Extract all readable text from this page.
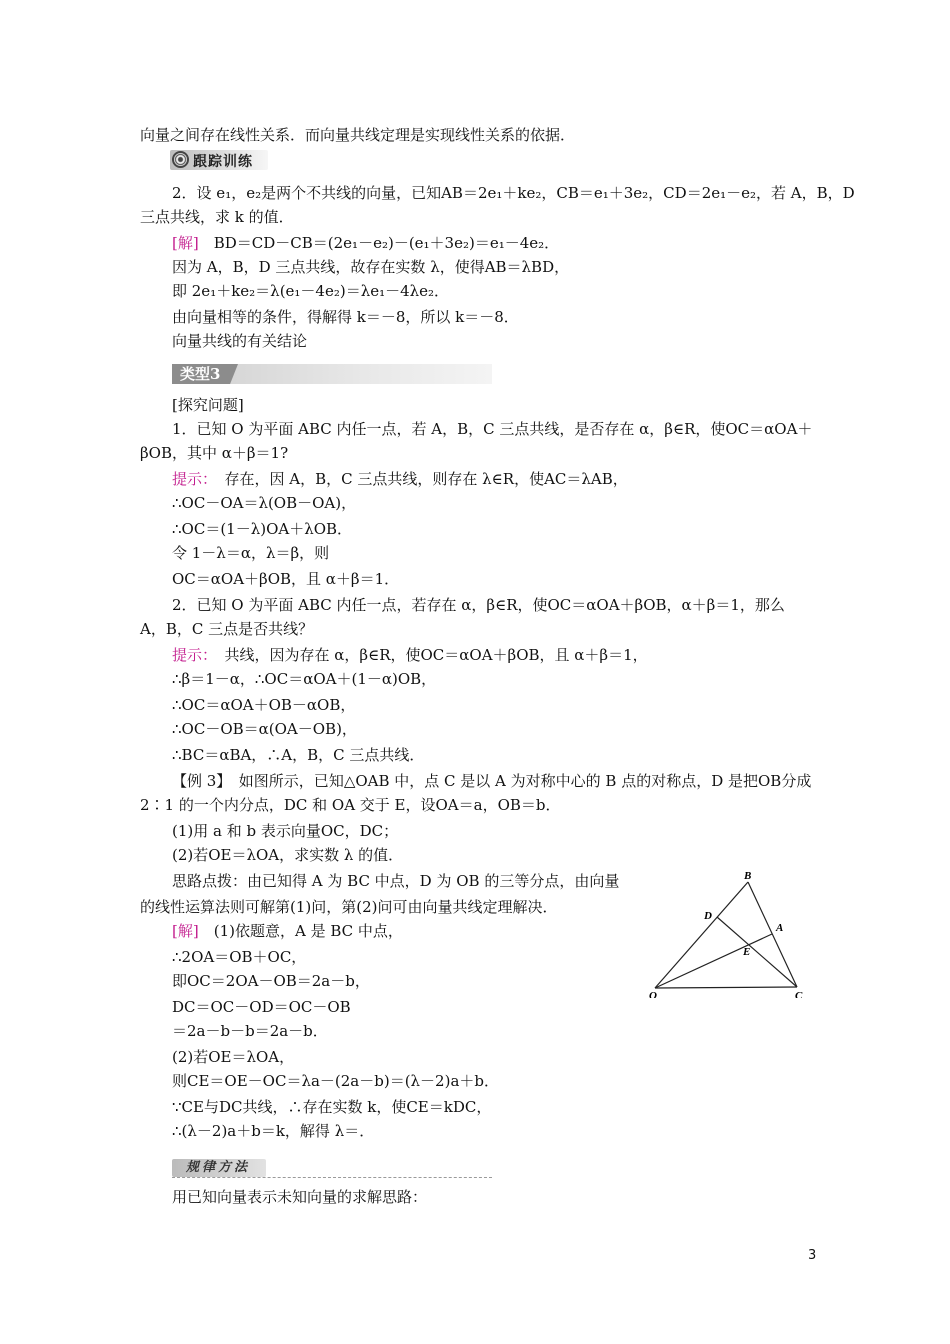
向量之间存在线性关系．而向量共线定理是实现线性关系的依据．
2．设 e₁，e₂是两个不共线的向量，已知AB＝2e₁＋ke₂，CB＝e₁＋3e₂，CD＝2e₁－e₂，若 A，B，D
三点共线，求 k 的值．
[解]　 BD＝CD－CB＝(2e₁－e₂)－(e₁＋3e₂)＝e₁－4e₂．
因为 A，B，D 三点共线，故存在实数 λ，使得AB＝λBD，
即 2e₁＋ke₂＝λ(e₁－4e₂)＝λe₁－4λe₂．
由向量相等的条件，得解得 k＝－8，所以 k＝－8．
向量共线的有关结论
[探究问题]
1．已知 O 为平面 ABC 内任一点，若 A，B，C 三点共线，是否存在 α，β∈R，使OC＝αOA＋
βOB，其中 α＋β＝1?
提示：　 存在，因 A，B，C 三点共线，则存在 λ∈R，使AC＝λAB，
∴OC－OA＝λ(OB－OA)，
∴OC＝(1－λ)OA＋λOB．
令 1－λ＝α，λ＝β，则
OC＝αOA＋βOB，且 α＋β＝1．
2．已知 O 为平面 ABC 内任一点，若存在 α，β∈R，使OC＝αOA＋βOB，α＋β＝1，那么
A，B，C 三点是否共线？
提示：　 共线，因为存在 α，β∈R，使OC＝αOA＋βOB，且 α＋β＝1，
∴β＝1－α，∴OC＝αOA＋(1－α)OB，
∴OC＝αOA＋OB－αOB，
∴OC－OB＝α(OA－OB)，
∴BC＝αBA，∴A，B，C 三点共线．
【例 3】　如图所示，已知△OAB 中，点 C 是以 A 为对称中心的 B 点的对称点，D 是把OB分成
2∶1 的一个内分点，DC 和 OA 交于 E，设OA＝a，OB＝b．
(1)用 a 和 b 表示向量OC，DC；
(2)若OE＝λOA，求实数 λ 的值．
思路点拨：由已知得 A 为 BC 中点，D 为 OB 的三等分点，由向量
的线性运算法则可解第(1)问，第(2)问可由向量共线定理解决．
[解]　 (1)依题意，A 是 BC 中点，
∴2OA＝OB＋OC，
即OC＝2OA－OB＝2a－b，
DC＝OC－OD＝OC－OB
＝2a－b－b＝2a－b．
(2)若OE＝λOA，
则CE＝OE－OC＝λa－(2a－b)＝(λ－2)a＋b．
∵CE与DC共线，∴存在实数 k，使CE＝kDC，
∴(λ－2)a＋b＝k，解得 λ＝．
用已知向量表示未知向量的求解思路：
跟踪训练
类型3
规律方法
B
D
A
E
O	C
3
